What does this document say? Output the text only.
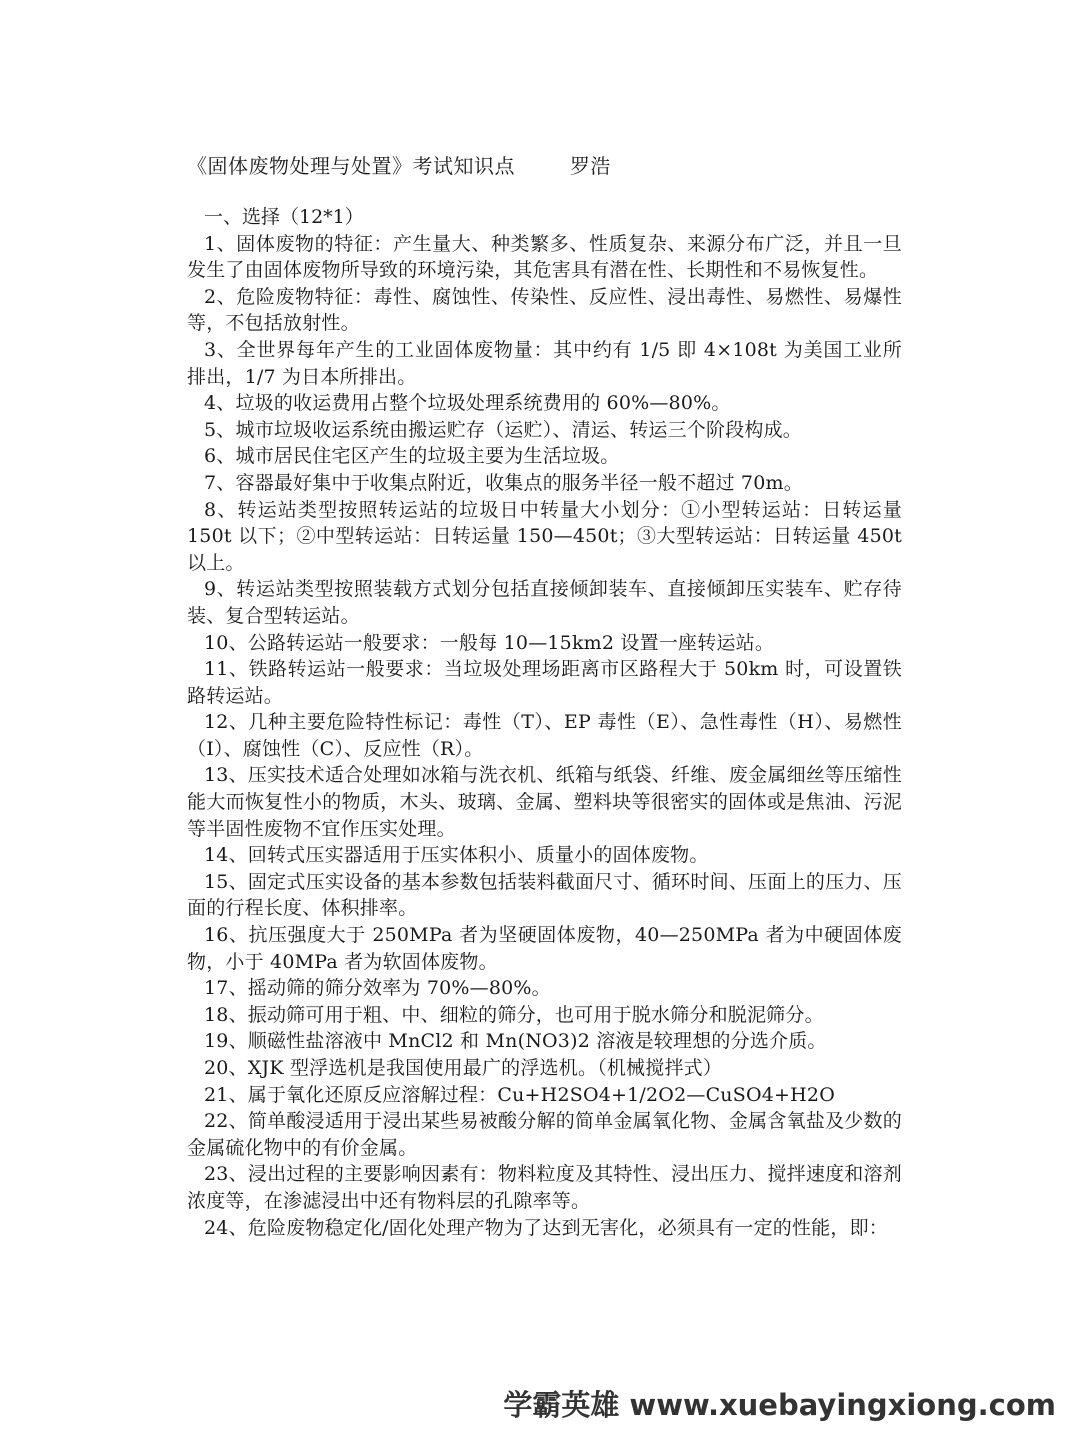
《固体废物处理与处置》考试知识点        罗浩

一、选择（12*1）

1、固体废物的特征：产生量大、种类繁多、性质复杂、来源分布广泛，并且一旦发生了由固体废物所导致的环境污染，其危害具有潜在性、长期性和不易恢复性。

2、危险废物特征：毒性、腐蚀性、传染性、反应性、浸出毒性、易燃性、易爆性等，不包括放射性。

3、全世界每年产生的工业固体废物量：其中约有 1/5 即 4×108t 为美国工业所排出，1/7 为日本所排出。

4、垃圾的收运费用占整个垃圾处理系统费用的 60%—80%。

5、城市垃圾收运系统由搬运贮存（运贮）、清运、转运三个阶段构成。

6、城市居民住宅区产生的垃圾主要为生活垃圾。

7、容器最好集中于收集点附近，收集点的服务半径一般不超过 70m。

8、转运站类型按照转运站的垃圾日中转量大小划分：①小型转运站：日转运量 150t 以下；②中型转运站：日转运量 150—450t；③大型转运站：日转运量 450t 以上。

9、转运站类型按照装载方式划分包括直接倾卸装车、直接倾卸压实装车、贮存待装、复合型转运站。

10、公路转运站一般要求：一般每 10—15km2 设置一座转运站。

11、铁路转运站一般要求：当垃圾处理场距离市区路程大于 50km 时，可设置铁路转运站。

12、几种主要危险特性标记：毒性（T）、EP 毒性（E）、急性毒性（H）、易燃性（I）、腐蚀性（C）、反应性（R）。

13、压实技术适合处理如冰箱与洗衣机、纸箱与纸袋、纤维、废金属细丝等压缩性能大而恢复性小的物质，木头、玻璃、金属、塑料块等很密实的固体或是焦油、污泥等半固性废物不宜作压实处理。

14、回转式压实器适用于压实体积小、质量小的固体废物。

15、固定式压实设备的基本参数包括装料截面尺寸、循环时间、压面上的压力、压面的行程长度、体积排率。

16、抗压强度大于 250MPa 者为坚硬固体废物，40—250MPa 者为中硬固体废物，小于 40MPa 者为软固体废物。

17、摇动筛的筛分效率为 70%—80%。

18、振动筛可用于粗、中、细粒的筛分，也可用于脱水筛分和脱泥筛分。

19、顺磁性盐溶液中 MnCl2 和 Mn(NO3)2 溶液是较理想的分选介质。

20、XJK 型浮选机是我国使用最广的浮选机。（机械搅拌式）

21、属于氧化还原反应溶解过程：Cu+H2SO4+1/2O2—CuSO4+H2O

22、简单酸浸适用于浸出某些易被酸分解的简单金属氧化物、金属含氧盐及少数的金属硫化物中的有价金属。

23、浸出过程的主要影响因素有：物料粒度及其特性、浸出压力、搅拌速度和溶剂浓度等，在渗滤浸出中还有物料层的孔隙率等。

24、危险废物稳定化/固化处理产物为了达到无害化，必须具有一定的性能，即：

学霸英雄 www.xuebayingxiong.com
